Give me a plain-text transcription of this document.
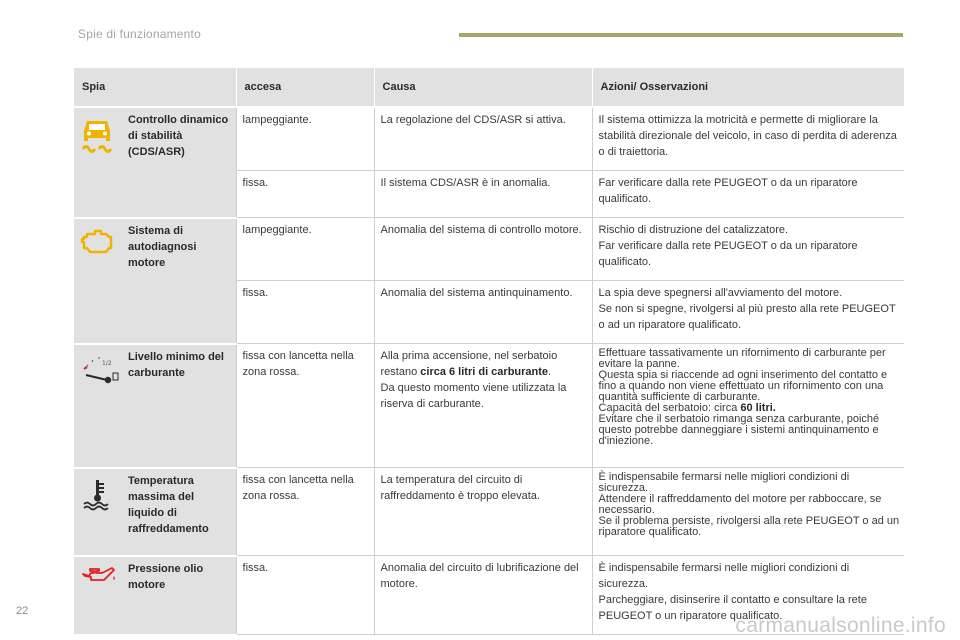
Spie di funzionamento
Spia		accesa	Causa	Azioni/ Osservazioni

	Controllo dinamico di stabilità (CDS/ASR)	lampeggiante.	La regolazione del CDS/ASR si attiva.	Il sistema ottimizza la motricità e permette di migliorare la stabilità direzionale del veicolo, in caso di perdita di aderenza o di traiettoria.

		fissa.	Il sistema CDS/ASR è in anomalia.	Far verificare dalla rete PEUGEOT o da un riparatore qualificato.

	Sistema di autodiagnosi motore	lampeggiante.	Anomalia del sistema di controllo motore.	Rischio di distruzione del catalizzatore.
Far verificare dalla rete PEUGEOT o da un riparatore qualificato.

		fissa.	Anomalia del sistema antinquinamento.	La spia deve spegnersi all'avviamento del motore.
Se non si spegne, rivolgersi al più presto alla rete PEUGEOT o ad un riparatore qualificato.

1/2	Livello minimo del carburante	fissa con lancetta nella zona rossa.	Alla prima accensione, nel serbatoio restano circa 6 litri di carburante.
Da questo momento viene utilizzata la riserva di carburante.	Effettuare tassativamente un rifornimento di carburante per evitare la panne.
Questa spia si riaccende ad ogni inserimento del contatto e fino a quando non viene effettuato un rifornimento con una quantità sufficiente di carburante.
Capacità del serbatoio: circa 60 litri.
Evitare che il serbatoio rimanga senza carburante, poiché questo potrebbe danneggiare i sistemi antinquinamento e d'iniezione.

	Temperatura massima del liquido di raffreddamento	fissa con lancetta nella zona rossa.	La temperatura del circuito di raffreddamento è troppo elevata.	È indispensabile fermarsi nelle migliori condizioni di sicurezza.
Attendere il raffreddamento del motore per rabboccare, se necessario.
Se il problema persiste, rivolgersi alla rete PEUGEOT o ad un riparatore qualificato.

	Pressione olio motore	fissa.	Anomalia del circuito di lubrificazione del motore.	È indispensabile fermarsi nelle migliori condizioni di sicurezza.
Parcheggiare, disinserire il contatto e consultare la rete PEUGEOT o un riparatore qualificato.
22
carmanualsonline.info
